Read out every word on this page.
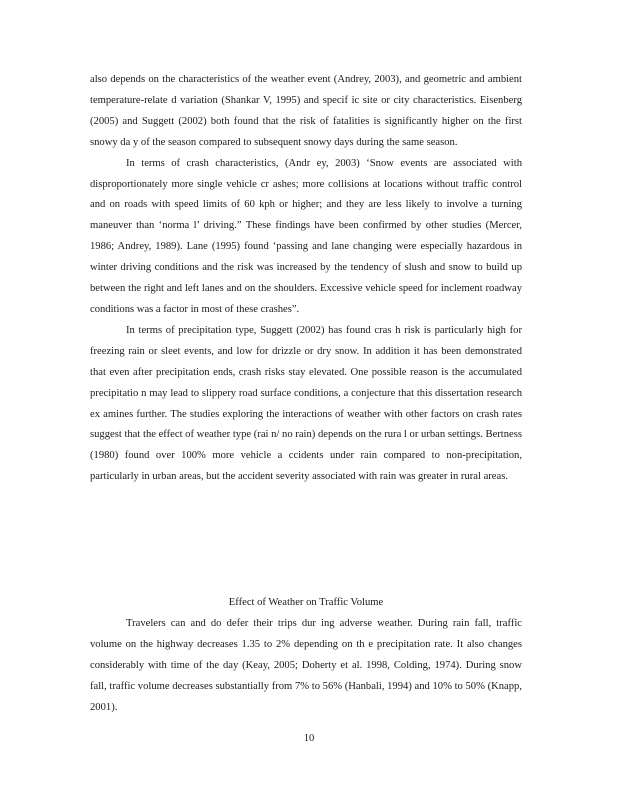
also depends on the characteristics of the weather event (Andrey, 2003), and geometric and ambient temperature-relate d variation (Shankar V, 1995) and specif ic site or city characteristics. Eisenberg (2005) and Suggett (2002) both found that the risk of fatalities is significantly higher on the first snowy da y of the season compared to subsequent snowy days during the same season.

In terms of crash characteristics, (Andr ey, 2003) ‘Snow events are associated with disproportionately more single vehicle cr ashes; more collisions at locations without traffic control and on roads with speed limits of 60 kph or higher; and they are less likely to involve a turning maneuver than ‘norma l’ driving.” These findings have been confirmed by other studies (Mercer, 1986; Andrey, 1989). Lane (1995) found ‘passing and lane changing were especially hazardous in winter driving conditions and the risk was increased by the tendency of slush and snow to build up between the right and left lanes and on the shoulders. Excessive vehicle speed for inclement roadway conditions was a factor in most of these crashes”.

In terms of precipitation type, Suggett (2002) has found cras h risk is particularly high for freezing rain or sleet events, and low for drizzle or dry snow. In addition it has been demonstrated that even after precipitation ends, crash risks stay elevated. One possible reason is the accumulated precipitatio n may lead to slippery road surface conditions, a conjecture that this dissertation research ex amines further. The studies exploring the interactions of weather with other factors on crash rates suggest that the effect of weather type (rai n/ no rain) depends on the rura l or urban settings. Bertness (1980) found over 100% more vehicle a ccidents under rain compared to non-precipitation, particularly in urban areas, but the accident severity associated with rain was greater in rural areas.

Effect of Weather on Traffic Volume

Travelers can and do defer their trips dur ing adverse weather. During rain fall, traffic volume on the highway decreases 1.35 to 2% depending on th e precipitation rate. It also changes considerably with time of the day (Keay, 2005; Doherty et al. 1998, Colding, 1974). During snow fall, traffic volume decreases substantially from 7% to 56% (Hanbali, 1994) and 10% to 50% (Knapp, 2001).

10
